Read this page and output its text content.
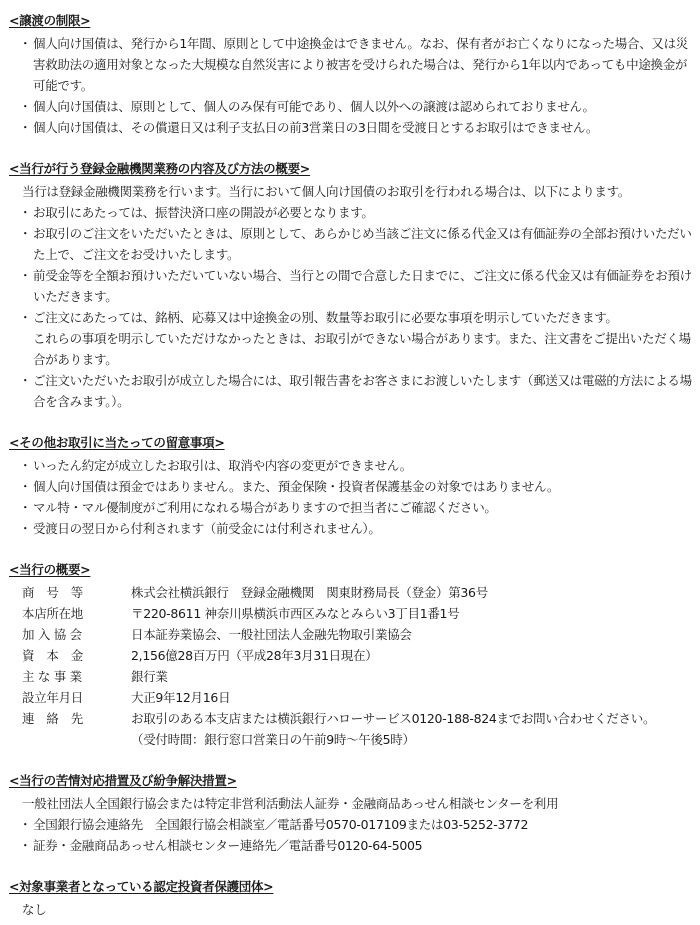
<譲渡の制限>
・ 個人向け国債は、発行から1年間、原則として中途換金はできません。なお、保有者がお亡くなりになった場合、又は災害救助法の適用対象となった大規模な自然災害により被害を受けられた場合は、発行から1年以内であっても中途換金が可能です。
・ 個人向け国債は、原則として、個人のみ保有可能であり、個人以外への譲渡は認められておりません。
・ 個人向け国債は、その償還日又は利子支払日の前3営業日の3日間を受渡日とするお取引はできません。
<当行が行う登録金融機関業務の内容及び方法の概要>
当行は登録金融機関業務を行います。当行において個人向け国債のお取引を行われる場合は、以下によります。
・ お取引にあたっては、振替決済口座の開設が必要となります。
・ お取引のご注文をいただいたときは、原則として、あらかじめ当該ご注文に係る代金又は有価証券の全部お預けいただいた上で、ご注文をお受けいたします。
・ 前受金等を全額お預けいただいていない場合、当行との間で合意した日までに、ご注文に係る代金又は有価証券をお預けいただきます。
・ ご注文にあたっては、銘柄、応募又は中途換金の別、数量等お取引に必要な事項を明示していただきます。
これらの事項を明示していただけなかったときは、お取引ができない場合があります。また、注文書をご提出いただく場合があります。
・ ご注文いただいたお取引が成立した場合には、取引報告書をお客さまにお渡しいたします（郵送又は電磁的方法による場合を含みます。）。
<その他お取引に当たっての留意事項>
・ いったん約定が成立したお取引は、取消や内容の変更ができません。
・ 個人向け国債は預金ではありません。また、預金保険・投資者保護基金の対象ではありません。
・ マル特・マル優制度がご利用になれる場合がありますので担当者にご確認ください。
・ 受渡日の翌日から付利されます（前受金には付利されません）。
<当行の概要>
商　号　等	株式会社横浜銀行　登録金融機関　関東財務局長（登金）第36号
本店所在地	〒220-8611 神奈川県横浜市西区みなとみらい3丁目1番1号
加 入 協 会	日本証券業協会、一般社団法人金融先物取引業協会
資　本　金	2,156億28百万円（平成28年3月31日現在）
主 な 事 業	銀行業
設立年月日	大正9年12月16日
連　絡　先	お取引のある本支店または横浜銀行ハローサービス0120-188-824までお問い合わせください。
（受付時間：銀行窓口営業日の午前9時～午後5時）
<当行の苦情対応措置及び紛争解決措置>
一般社団法人全国銀行協会または特定非営利活動法人証券・金融商品あっせん相談センターを利用
・ 全国銀行協会連絡先　全国銀行協会相談室／電話番号0570-017109または03-5252-3772
・ 証券・金融商品あっせん相談センター連絡先／電話番号0120-64-5005
<対象事業者となっている認定投資者保護団体>
なし
